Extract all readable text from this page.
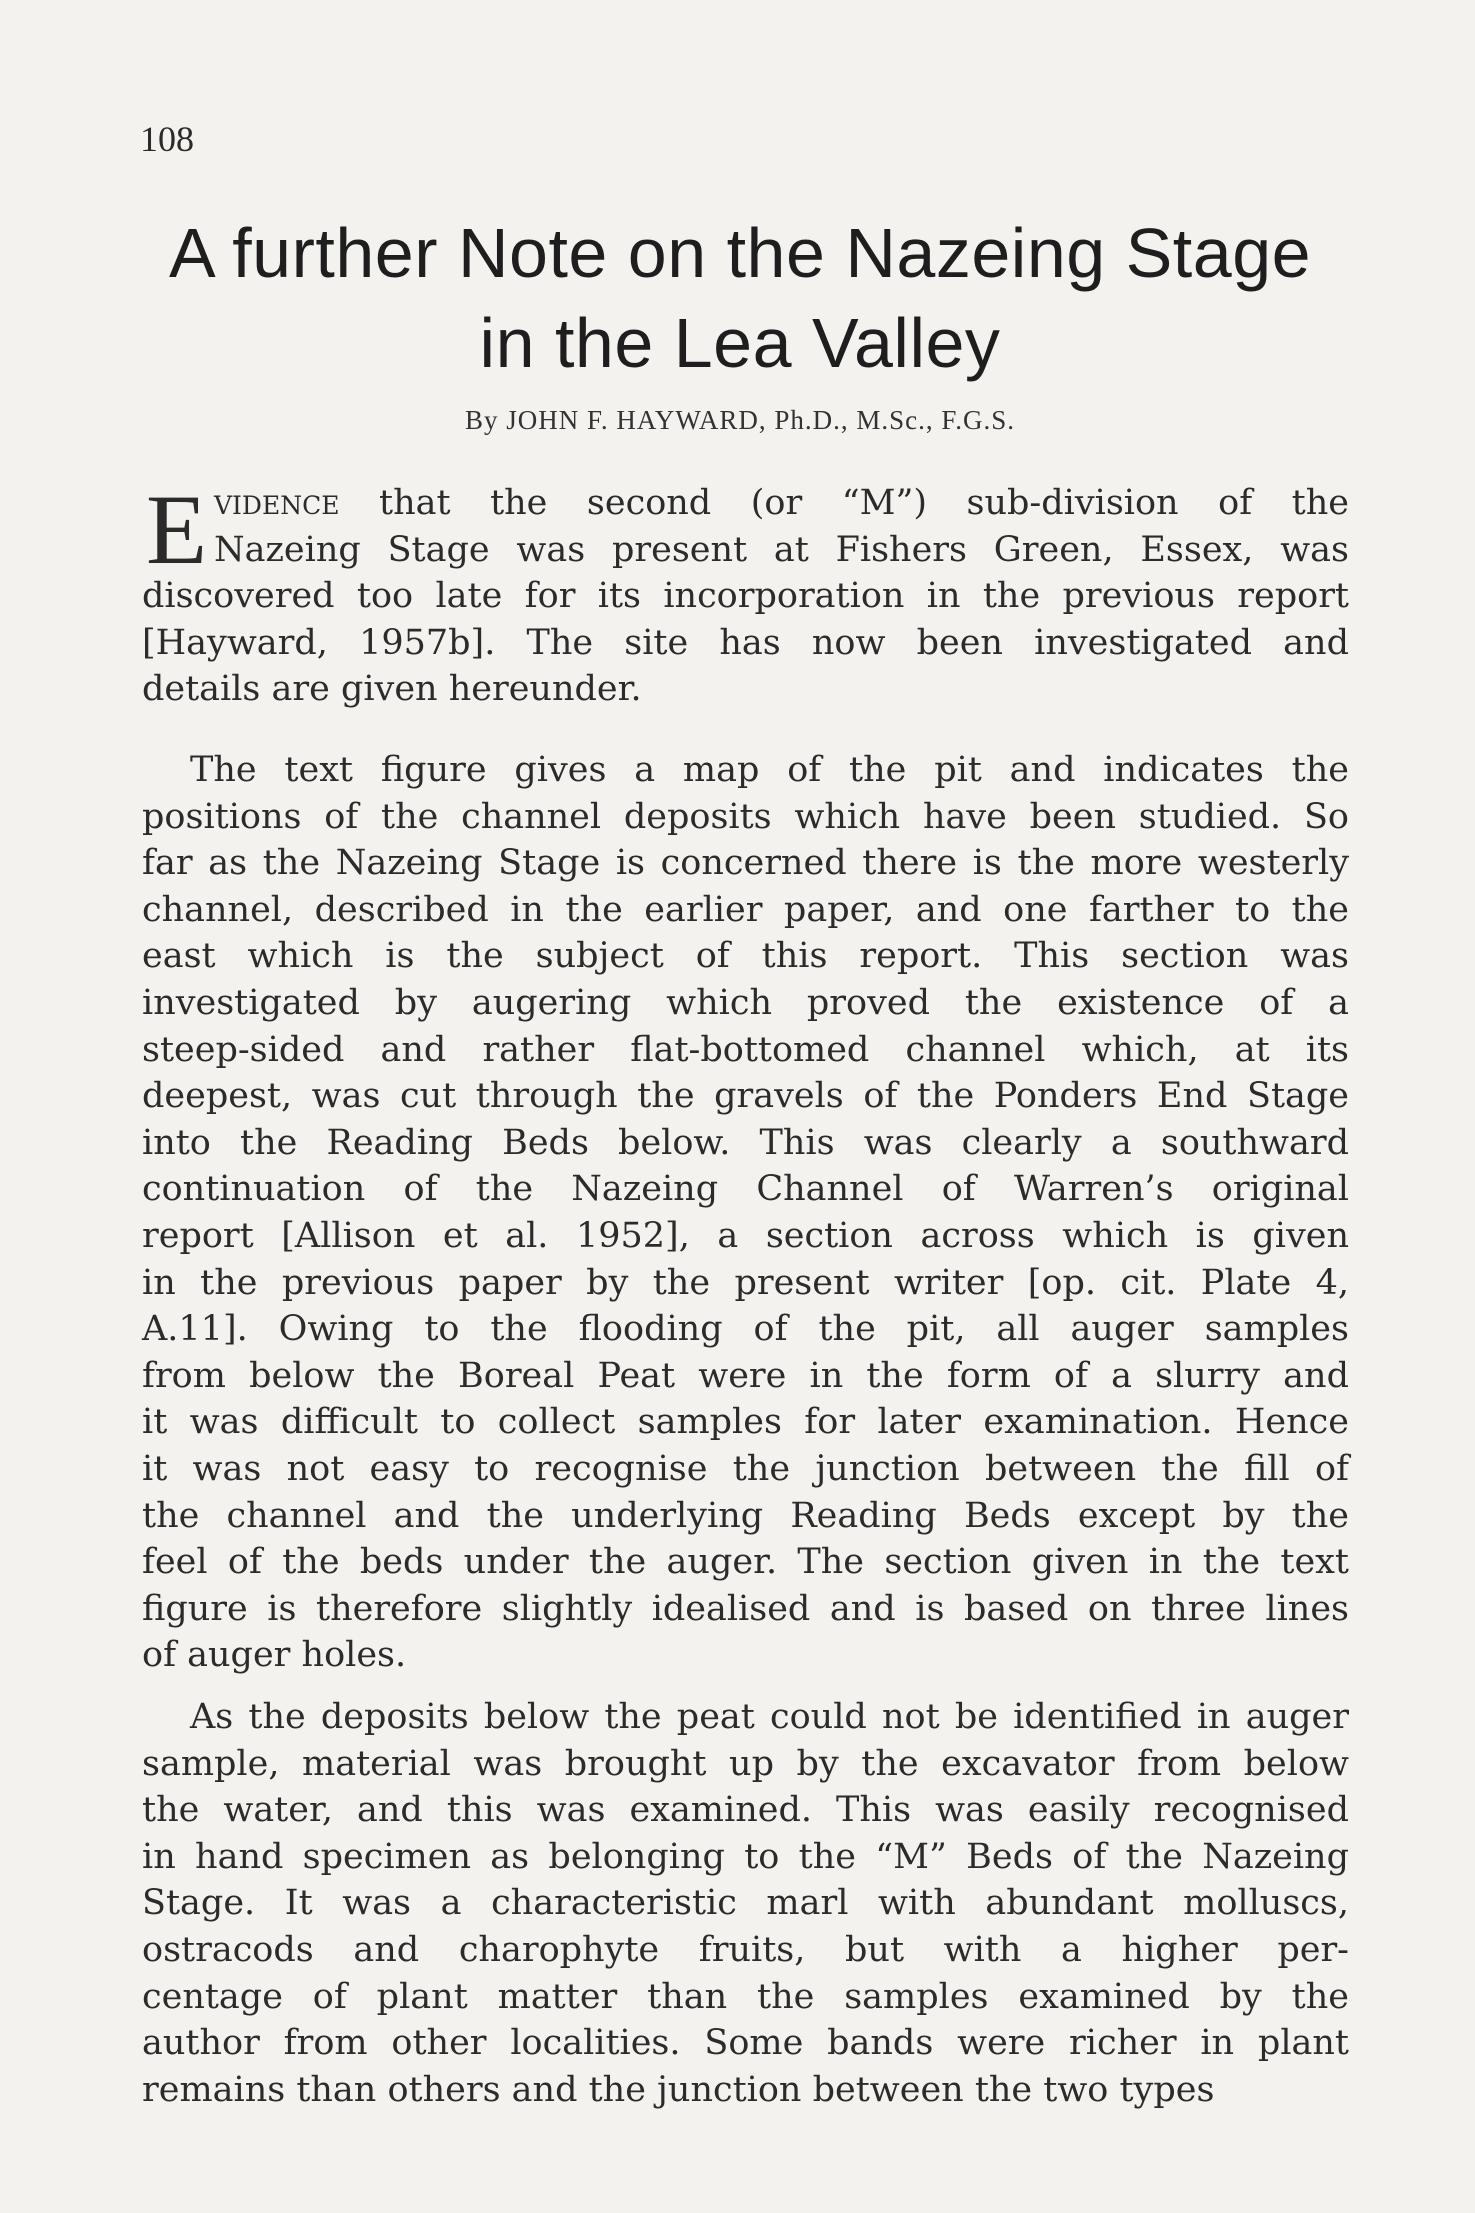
108
A further Note on the Nazeing Stage
in the Lea Valley
By JOHN F. HAYWARD, Ph.D., M.Sc., F.G.S.
E vidence that the second (or “M”) sub-division of the
Nazeing Stage was present at Fishers Green, Essex, was
discovered too late for its incorporation in the previous report
[Hayward, 1957b]. The site has now been investigated and
details are given hereunder.
The text figure gives a map of the pit and indicates the
positions of the channel deposits which have been studied. So
far as the Nazeing Stage is concerned there is the more westerly
channel, described in the earlier paper, and one farther to the
east which is the subject of this report. This section was
investigated by augering which proved the existence of a
steep-sided and rather flat-bottomed channel which, at its
deepest, was cut through the gravels of the Ponders End Stage
into the Reading Beds below. This was clearly a southward
continuation of the Nazeing Channel of Warren’s original
report [Allison et al. 1952], a section across which is given
in the previous paper by the present writer [op. cit. Plate 4,
A.11]. Owing to the flooding of the pit, all auger samples
from below the Boreal Peat were in the form of a slurry and
it was difficult to collect samples for later examination. Hence
it was not easy to recognise the junction between the fill of
the channel and the underlying Reading Beds except by the
feel of the beds under the auger. The section given in the text
figure is therefore slightly idealised and is based on three lines
of auger holes.
As the deposits below the peat could not be identified in auger
sample, material was brought up by the excavator from below
the water, and this was examined. This was easily recognised
in hand specimen as belonging to the “M” Beds of the Nazeing
Stage. It was a characteristic marl with abundant molluscs,
ostracods and charophyte fruits, but with a higher per-
centage of plant matter than the samples examined by the
author from other localities. Some bands were richer in plant
remains than others and the junction between the two types
